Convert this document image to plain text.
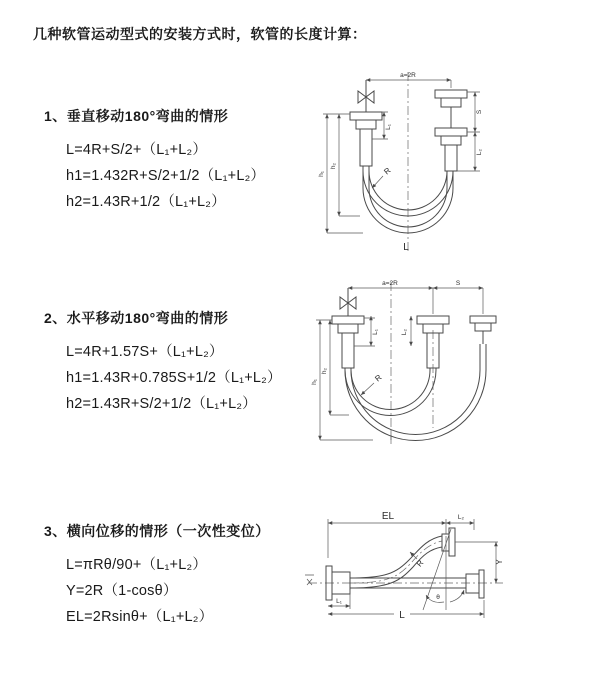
几种软管运动型式的安装方式时，软管的长度计算：

1、垂直移动180°弯曲的情形

L=4R+S/2+（L₁+L₂）

h1=1.432R+S/2+1/2（L₁+L₂）

h2=1.43R+1/2（L₁+L₂）

a=2R
L₁
S
L₂
h₁
h₂	R
L

2、水平移动180°弯曲的情形

L=4R+1.57S+（L₁+L₂）

h1=1.43R+0.785S+1/2（L₁+L₂）

h2=1.43R+S/2+1/2（L₁+L₂）

a=2R	S
L₁	L₂
h₁
h₂
R

3、横向位移的情形（一次性变位）

L=πRθ/90+（L₁+L₂）

Y=2R（1-cosθ）

EL=2Rsinθ+（L₁+L₂）

EL	L₂
Y
θ
R
L₁
L
